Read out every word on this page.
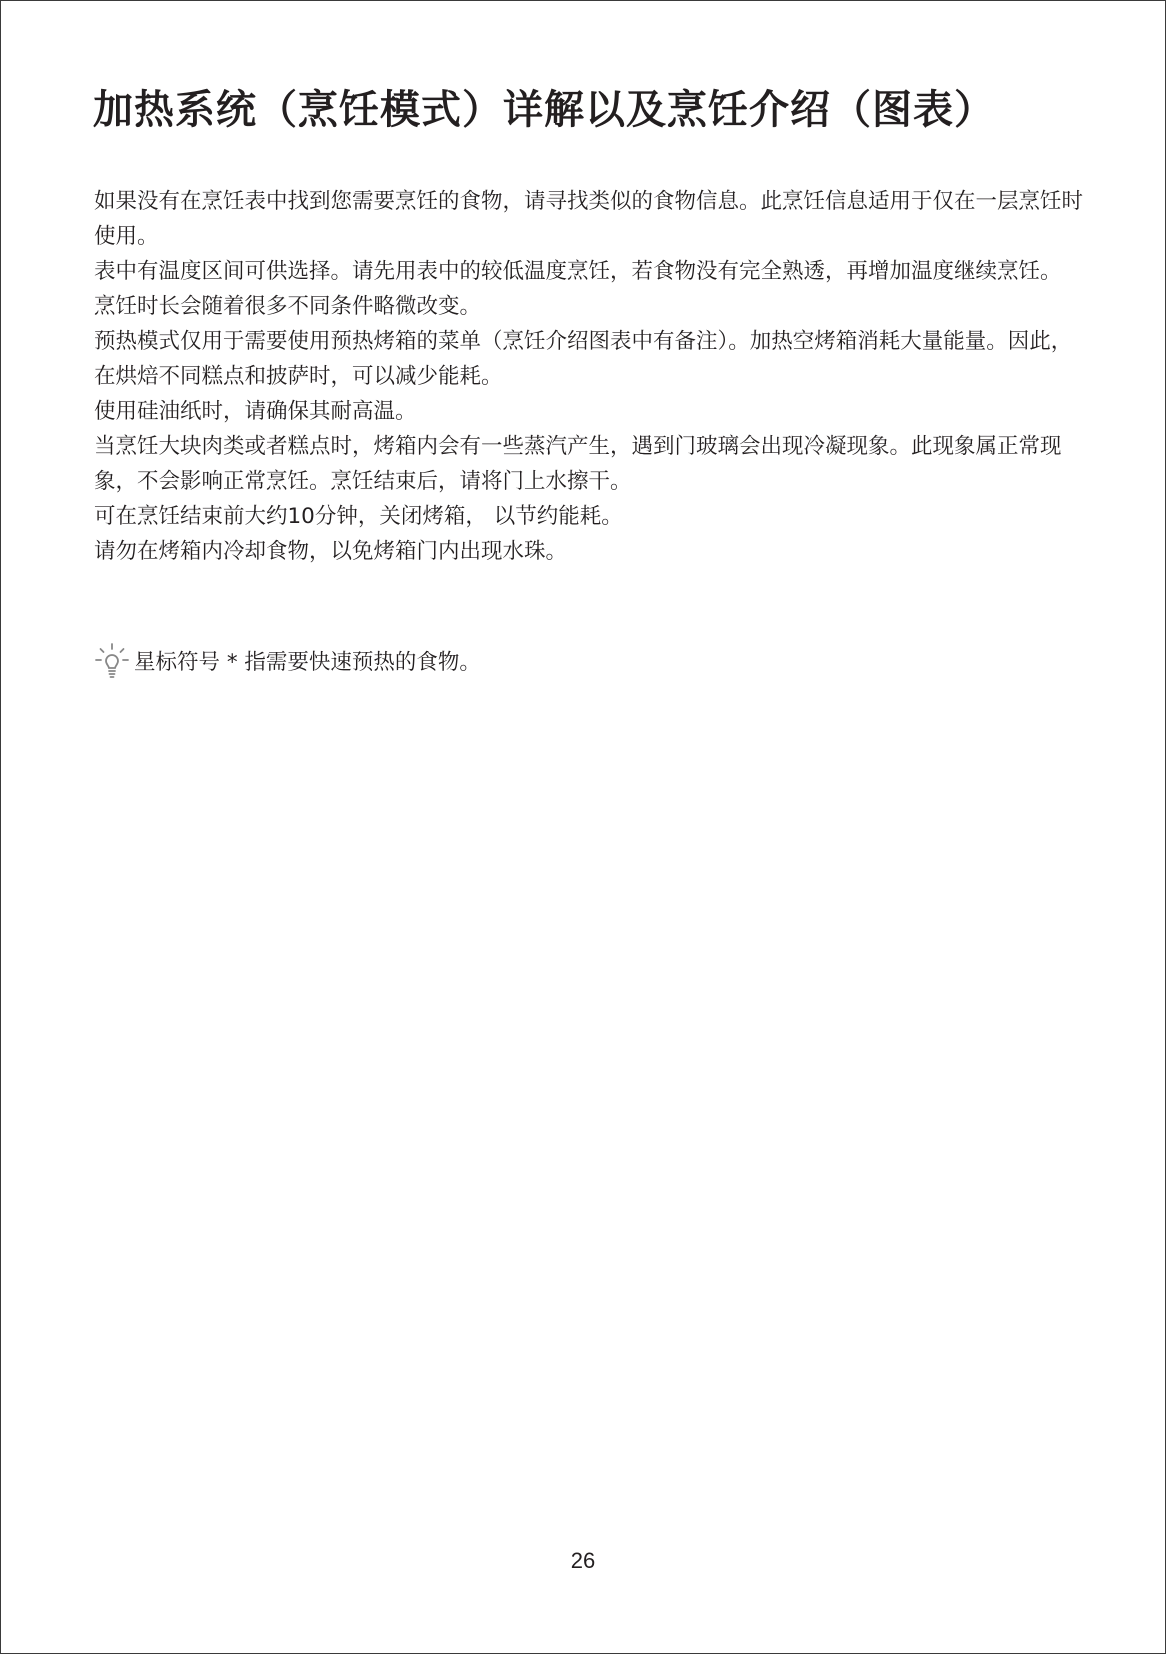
加热系统（烹饪模式）详解以及烹饪介绍（图表）

如果没有在烹饪表中找到您需要烹饪的食物，请寻找类似的食物信息。此烹饪信息适用于仅在一层烹饪时使用。

表中有温度区间可供选择。请先用表中的较低温度烹饪，若食物没有完全熟透，再增加温度继续烹饪。

烹饪时长会随着很多不同条件略微改变。

预热模式仅用于需要使用预热烤箱的菜单（烹饪介绍图表中有备注）。加热空烤箱消耗大量能量。因此，在烘焙不同糕点和披萨时，可以减少能耗。

使用硅油纸时，请确保其耐高温。

当烹饪大块肉类或者糕点时，烤箱内会有一些蒸汽产生，遇到门玻璃会出现冷凝现象。此现象属正常现象，不会影响正常烹饪。烹饪结束后，请将门上水擦干。

可在烹饪结束前大约10分钟，关闭烤箱， 以节约能耗。

请勿在烤箱内冷却食物，以免烤箱门内出现水珠。

星标符号 * 指需要快速预热的食物。
26
